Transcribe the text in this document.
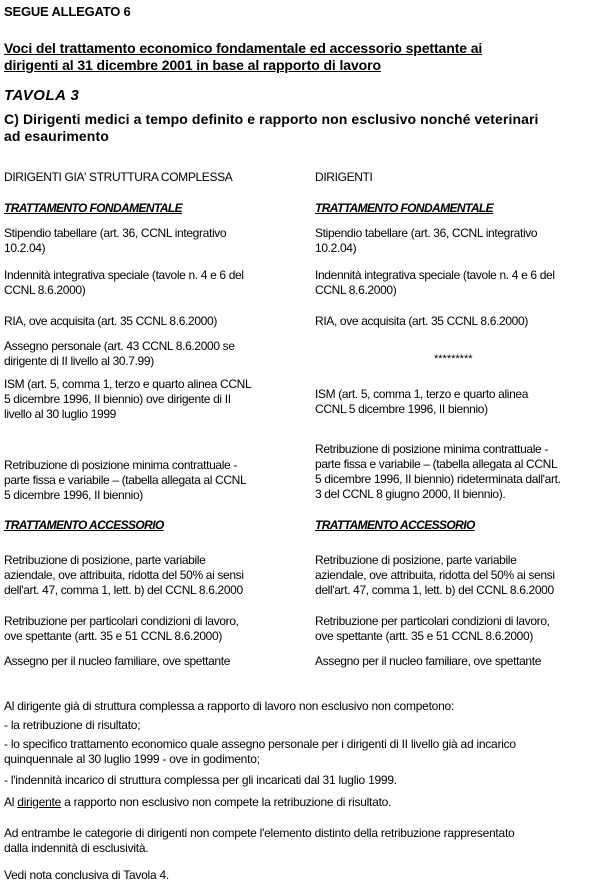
SEGUE ALLEGATO 6
Voci del trattamento economico fondamentale ed accessorio spettante ai
dirigenti al 31 dicembre 2001 in base al rapporto di lavoro
TAVOLA 3
C) Dirigenti medici a tempo definito e rapporto non esclusivo nonché veterinari
ad esaurimento
DIRIGENTI GIA' STRUTTURA COMPLESSA
TRATTAMENTO FONDAMENTALE
Stipendio tabellare (art. 36, CCNL integrativo
10.2.04)
Indennità integrativa speciale (tavole n. 4 e 6 del
CCNL 8.6.2000)
RIA, ove acquisita (art. 35 CCNL 8.6.2000)
Assegno personale (art. 43 CCNL 8.6.2000 se
dirigente di II livello al 30.7.99)
ISM (art. 5, comma 1, terzo e quarto alinea CCNL
5 dicembre 1996, II biennio) ove dirigente di II
livello al 30 luglio 1999
Retribuzione di posizione minima contrattuale -
parte fissa e variabile – (tabella allegata al CCNL
5 dicembre 1996, II biennio)
TRATTAMENTO ACCESSORIO
Retribuzione di posizione, parte variabile
aziendale, ove attribuita, ridotta del 50% ai sensi
dell'art. 47, comma 1, lett. b) del CCNL 8.6.2000
Retribuzione per particolari condizioni di lavoro,
ove spettante (artt. 35 e 51 CCNL 8.6.2000)
Assegno per il nucleo familiare, ove spettante
DIRIGENTI
TRATTAMENTO FONDAMENTALE
Stipendio tabellare (art. 36, CCNL integrativo
10.2.04)
Indennità integrativa speciale (tavole n. 4 e 6 del
CCNL 8.6.2000)
RIA, ove acquisita (art. 35 CCNL 8.6.2000)
*********
ISM (art. 5, comma 1, terzo e quarto alinea
CCNL 5 dicembre 1996, II biennio)
Retribuzione di posizione minima contrattuale -
parte fissa e variabile – (tabella allegata al CCNL
5 dicembre 1996, II biennio) rideterminata dall'art.
3 del CCNL 8 giugno 2000, II biennio).
TRATTAMENTO ACCESSORIO
Retribuzione di posizione, parte variabile
aziendale, ove attribuita, ridotta del 50% ai sensi
dell'art. 47, comma 1, lett. b) del CCNL 8.6.2000
Retribuzione per particolari condizioni di lavoro,
ove spettante (artt. 35 e 51 CCNL 8.6.2000)
Assegno per il nucleo familiare, ove spettante
Al dirigente già di struttura complessa a rapporto di lavoro non esclusivo non competono:
- la retribuzione di risultato;
- lo specifico trattamento economico quale assegno personale per i dirigenti di II livello già ad incarico
quinquennale al 30 luglio 1999 - ove in godimento;
- l'indennità incarico di struttura complessa per gli incaricati dal 31 luglio 1999.
Al dirigente a rapporto non esclusivo non compete la retribuzione di risultato.
Ad entrambe le categorie di dirigenti non compete l'elemento distinto della retribuzione rappresentato
dalla indennità di esclusività.
Vedi nota conclusiva di Tavola 4.
